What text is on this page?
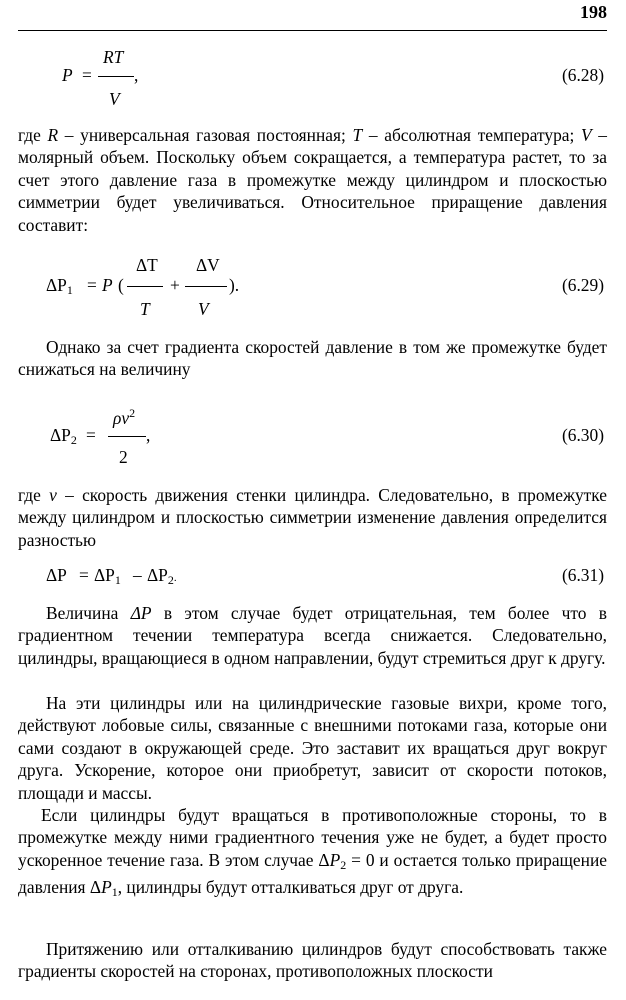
198
RT
P = ,
V
(6.28)

где R – универсальная газовая постоянная; T – абсолютная температура; V – молярный объем. Поскольку объем сокращается, а температура растет, то за счет этого давление газа в промежутке между цилиндром и плоскостью симметрии будет увеличиваться. Относительное приращение давления составит:

ΔT ΔV
$\Delta P_1 = P$ (	+	).
T	V
(6.29)

Однако за счет градиента скоростей давление в том же промежутке будет снижаться на величину

$\rho v^2$
$\Delta P_2$ =	,
2
(6.30)

где v – скорость движения стенки цилиндра. Следовательно, в промежутке между цилиндром и плоскостью симметрии изменение давления определится разностью

$\Delta P = \Delta P_1 - \Delta P_2$.	(6.31)

Величина ΔP в этом случае будет отрицательная, тем более что в градиентном течении температура всегда снижается. Следовательно, цилиндры, вращающиеся в одном направлении, будут стремиться друг к другу.

На эти цилиндры или на цилиндрические газовые вихри, кроме того, действуют лобовые силы, связанные с внешними потоками газа, которые они сами создают в окружающей среде. Это заставит их вращаться друг вокруг друга. Ускорение, которое они приобретут, зависит от скорости потоков, площади и массы.

Если цилиндры будут вращаться в противоположные стороны, то в промежутке между ними градиентного течения уже не будет, а будет просто ускоренное течение газа. В этом случае $\Delta P_2 = 0$ и остается только приращение давления $\Delta P_1$, цилиндры будут отталкиваться друг от друга.

Притяжению или отталкиванию цилиндров будут способствовать также градиенты скоростей на сторонах, противоположных плоскости
